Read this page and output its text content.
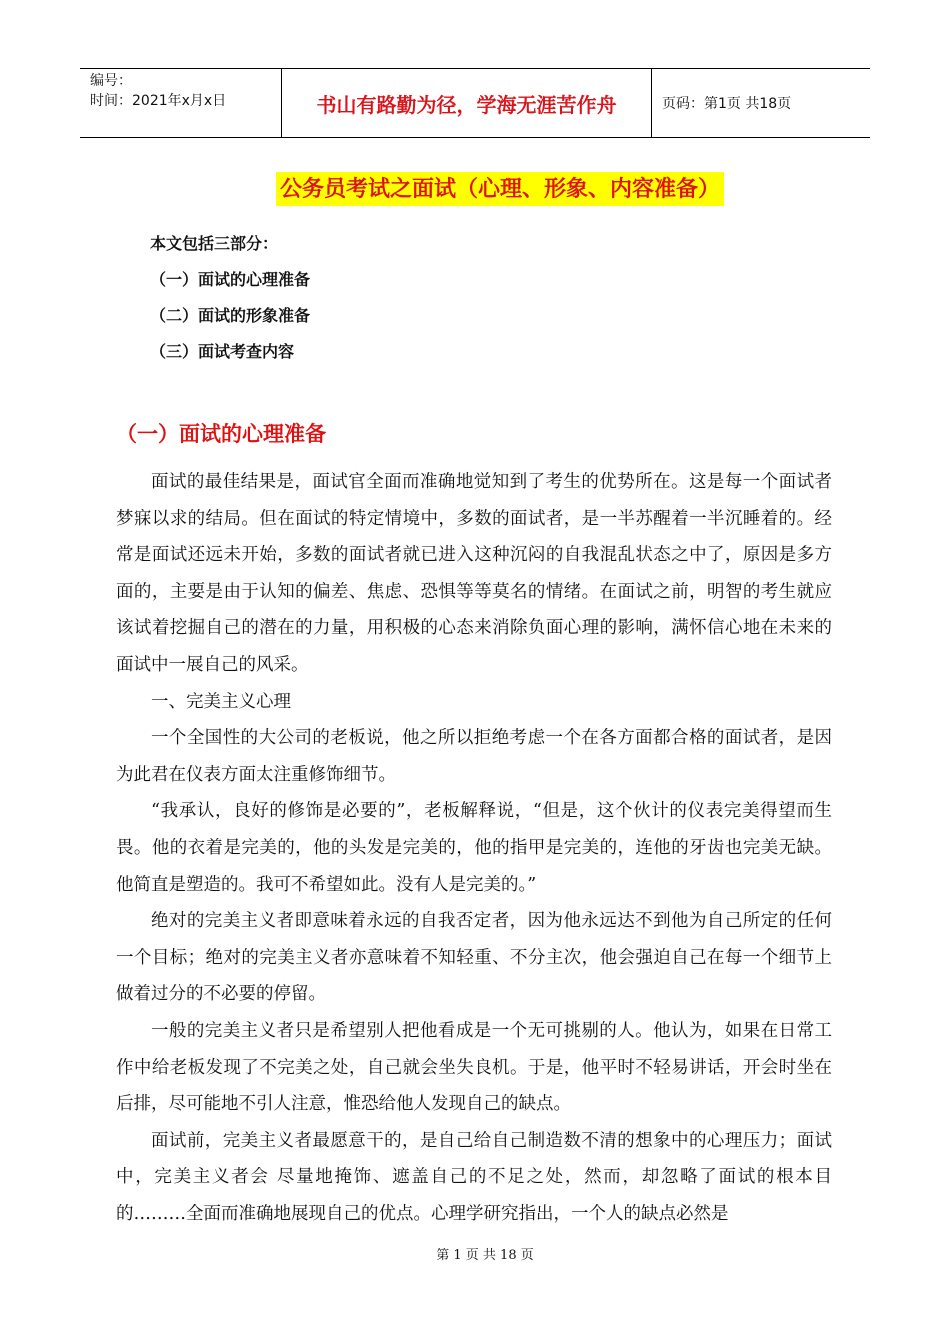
编号：
时间：2021年x月x日	书山有路勤为径，学海无涯苦作舟	页码：第1页 共18页
公务员考试之面试（心理、形象、内容准备）
本文包括三部分：
（一）面试的心理准备
（二）面试的形象准备
（三）面试考查内容
（一）面试的心理准备

面试的最佳结果是，面试官全面而准确地觉知到了考生的优势所在。这是每一个面试者梦寐以求的结局。但在面试的特定情境中，多数的面试者，是一半苏醒着一半沉睡着的。经常是面试还远未开始，多数的面试者就已进入这种沉闷的自我混乱状态之中了，原因是多方面的，主要是由于认知的偏差、焦虑、恐惧等等莫名的情绪。在面试之前，明智的考生就应该试着挖掘自己的潜在的力量，用积极的心态来消除负面心理的影响，满怀信心地在未来的面试中一展自己的风采。

一、完美主义心理

一个全国性的大公司的老板说，他之所以拒绝考虑一个在各方面都合格的面试者，是因为此君在仪表方面太注重修饰细节。

“我承认，良好的修饰是必要的”，老板解释说，“但是，这个伙计的仪表完美得望而生畏。他的衣着是完美的，他的头发是完美的，他的指甲是完美的，连他的牙齿也完美无缺。他简直是塑造的。我可不希望如此。没有人是完美的。”

绝对的完美主义者即意味着永远的自我否定者，因为他永远达不到他为自己所定的任何一个目标；绝对的完美主义者亦意味着不知轻重、不分主次，他会强迫自己在每一个细节上做着过分的不必要的停留。

一般的完美主义者只是希望别人把他看成是一个无可挑剔的人。他认为，如果在日常工作中给老板发现了不完美之处，自己就会坐失良机。于是，他平时不轻易讲话，开会时坐在后排，尽可能地不引人注意，惟恐给他人发现自己的缺点。

面试前，完美主义者最愿意干的，是自己给自己制造数不清的想象中的心理压力；面试中，完美主义者会 尽量地掩饰、遮盖自己的不足之处，然而，却忽略了面试的根本目的………全面而准确地展现自己的优点。心理学研究指出，一个人的缺点必然是

第 1 页 共 18 页
